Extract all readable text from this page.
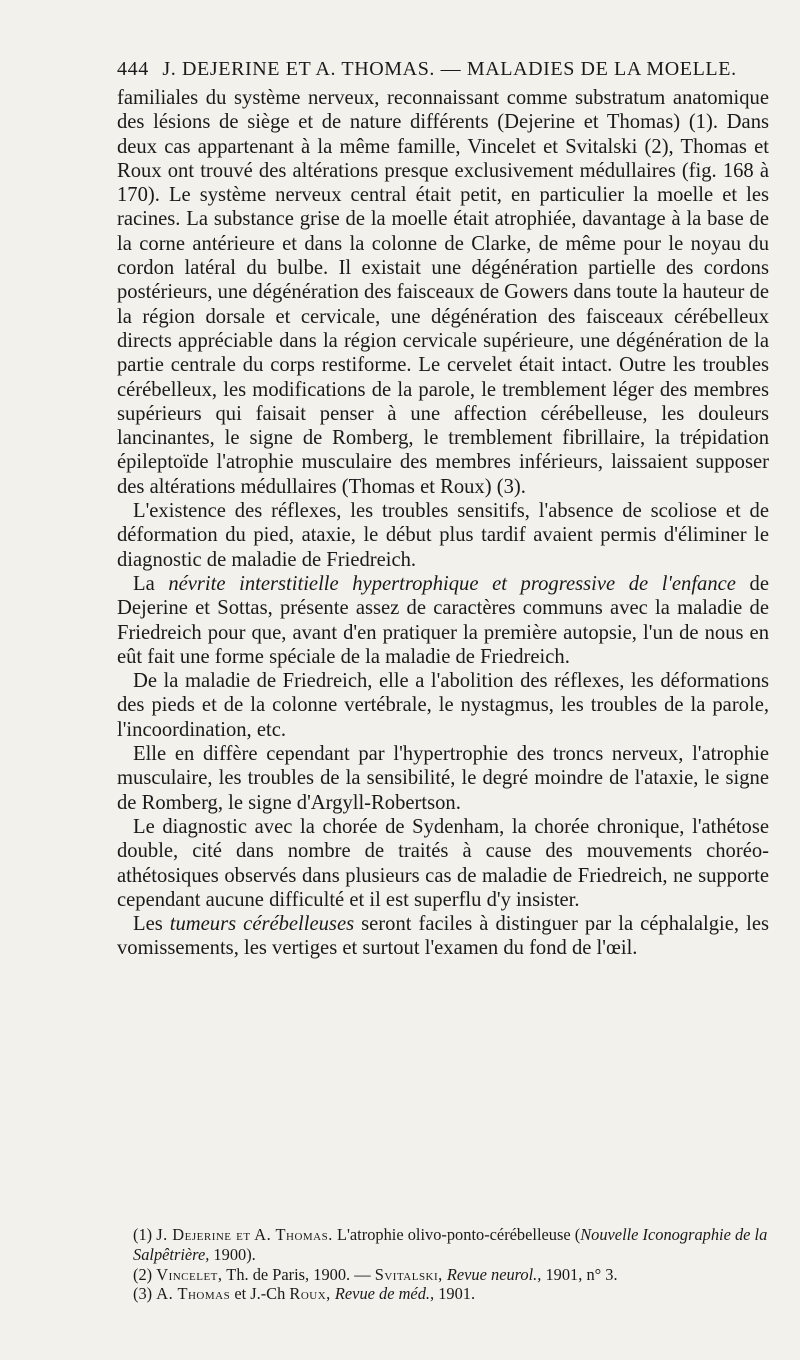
444 J. DEJERINE ET A. THOMAS. — MALADIES DE LA MOELLE.

familiales du système nerveux, reconnaissant comme substratum anatomique des lésions de siège et de nature différents (Dejerine et Thomas) (1). Dans deux cas appartenant à la même famille, Vincelet et Svitalski (2), Thomas et Roux ont trouvé des altérations presque exclusivement médullaires (fig. 168 à 170). Le système nerveux central était petit, en particulier la moelle et les racines. La substance grise de la moelle était atrophiée, davantage à la base de la corne antérieure et dans la colonne de Clarke, de même pour le noyau du cordon latéral du bulbe. Il existait une dégénération partielle des cordons postérieurs, une dégénération des faisceaux de Gowers dans toute la hauteur de la région dorsale et cervicale, une dégénération des faisceaux cérébelleux directs appréciable dans la région cervicale supérieure, une dégénération de la partie centrale du corps restiforme. Le cervelet était intact. Outre les troubles cérébelleux, les modifications de la parole, le tremblement léger des membres supérieurs qui faisait penser à une affection cérébelleuse, les douleurs lancinantes, le signe de Romberg, le tremblement fibrillaire, la trépidation épileptoïde l'atrophie musculaire des membres inférieurs, laissaient supposer des altérations médullaires (Thomas et Roux) (3).

L'existence des réflexes, les troubles sensitifs, l'absence de scoliose et de déformation du pied, ataxie, le début plus tardif avaient permis d'éliminer le diagnostic de maladie de Friedreich.

La névrite interstitielle hypertrophique et progressive de l'enfance de Dejerine et Sottas, présente assez de caractères communs avec la maladie de Friedreich pour que, avant d'en pratiquer la première autopsie, l'un de nous en eût fait une forme spéciale de la maladie de Friedreich.

De la maladie de Friedreich, elle a l'abolition des réflexes, les déformations des pieds et de la colonne vertébrale, le nystagmus, les troubles de la parole, l'incoordination, etc.

Elle en diffère cependant par l'hypertrophie des troncs nerveux, l'atrophie musculaire, les troubles de la sensibilité, le degré moindre de l'ataxie, le signe de Romberg, le signe d'Argyll-Robertson.

Le diagnostic avec la chorée de Sydenham, la chorée chronique, l'athétose double, cité dans nombre de traités à cause des mouvements choréo-athétosiques observés dans plusieurs cas de maladie de Friedreich, ne supporte cependant aucune difficulté et il est superflu d'y insister.

Les tumeurs cérébelleuses seront faciles à distinguer par la céphalalgie, les vomissements, les vertiges et surtout l'examen du fond de l'œil.

(1) J. Dejerine et A. Thomas. L'atrophie olivo-ponto-cérébelleuse (Nouvelle Iconographie de la Salpêtrière, 1900).
(2) Vincelet, Th. de Paris, 1900. — Svitalski, Revue neurol., 1901, n° 3.
(3) A. Thomas et J.-Ch Roux, Revue de méd., 1901.
